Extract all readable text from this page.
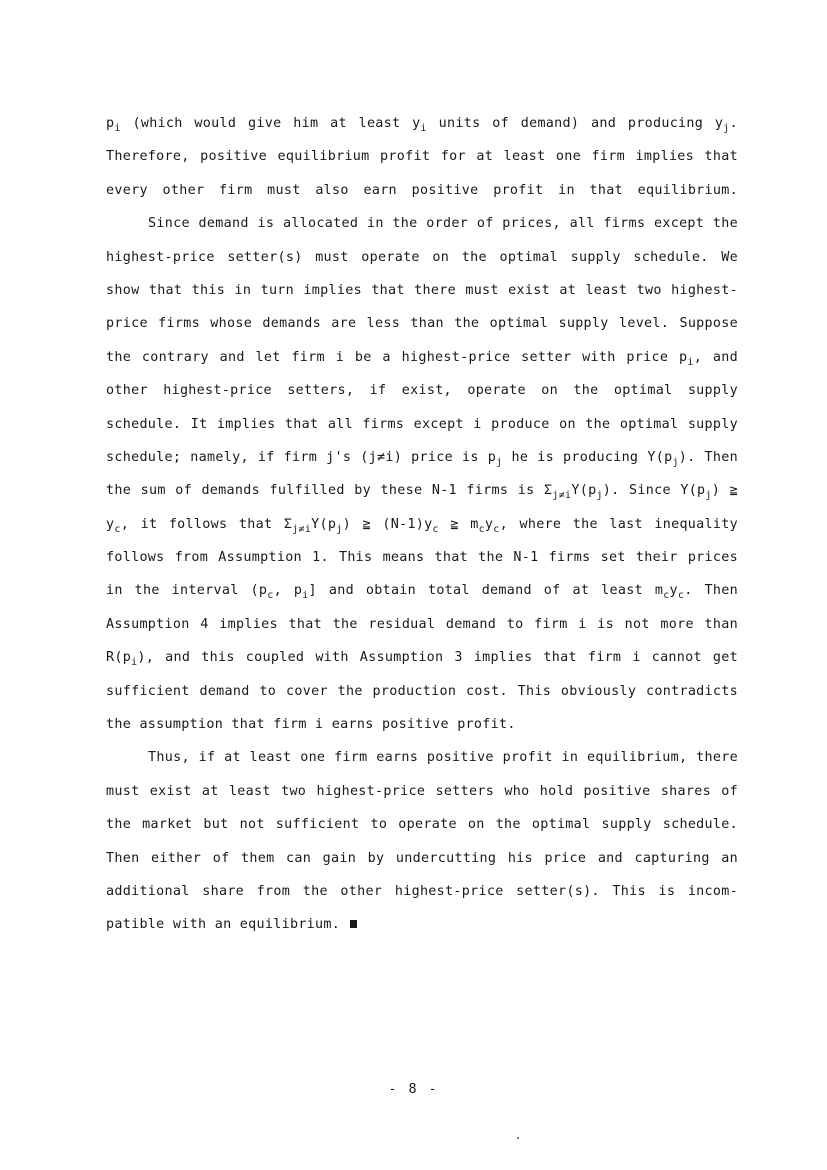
$p_i$ (which would give him at least $y_i$ units of demand) and producing $y_j$.
Therefore, positive equilibrium profit for at least one firm implies that
every other firm must also earn positive profit in that equilibrium.
Since demand is allocated in the order of prices, all firms except the
highest-price setter(s) must operate on the optimal supply schedule. We
show that this in turn implies that there must exist at least two highest-
price firms whose demands are less than the optimal supply level. Suppose
the contrary and let firm i be a highest-price setter with price $p_i$, and
other highest-price setters, if exist, operate on the optimal supply
schedule. It implies that all firms except i produce on the optimal supply
schedule; namely, if firm j's (j≠i) price is $p_j$ he is producing $Y(p_j)$. Then
the sum of demands fulfilled by these N-1 firms is $\Sigma_{j\ne i}Y(p_j)$. Since $Y(p_j)$ ≧
$y_c$, it follows that $\Sigma_{j\ne i}Y(p_j)$ ≧ $(N-1)y_c$ ≧ $m_cy_c$, where the last inequality
follows from Assumption 1. This means that the N-1 firms set their prices
in the interval ($p_c$, $p_i$] and obtain total demand of at least $m_cy_c$. Then
Assumption 4 implies that the residual demand to firm i is not more than
$R(p_i)$, and this coupled with Assumption 3 implies that firm i cannot get
sufficient demand to cover the production cost. This obviously contradicts
the assumption that firm i earns positive profit.
Thus, if at least one firm earns positive profit in equilibrium, there
must exist at least two highest-price setters who hold positive shares of
the market but not sufficient to operate on the optimal supply schedule.
Then either of them can gain by undercutting his price and capturing an
additional share from the other highest-price setter(s). This is incom-
patible with an equilibrium.
- 8 -
